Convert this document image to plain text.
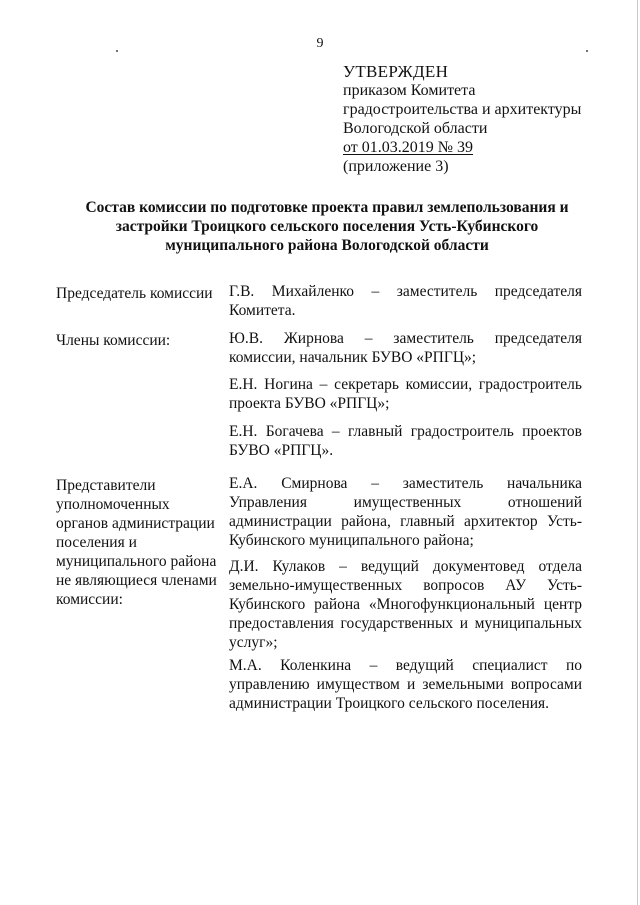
9
УТВЕРЖДЕН
приказом Комитета
градостроительства и архитектуры
Вологодской области
от 01.03.2019 № 39
(приложение 3)
Состав комиссии по подготовке проекта правил землепользования и
застройки Троицкого сельского поселения Усть-Кубинского
муниципального района Вологодской области
Председатель комиссии	Г.В. Михайленко – заместитель председателя
Комитета.
Члены комиссии:	Ю.В. Жирнова – заместитель председателя
комиссии, начальник БУВО «РПГЦ»;
Е.Н. Ногина – секретарь комиссии, градостроитель
проекта БУВО «РПГЦ»;
Е.Н. Богачева – главный градостроитель проектов
БУВО «РПГЦ».
Представители
уполномоченных
органов администрации
поселения и
муниципального района
не являющиеся членами
комиссии:
Е.А. Смирнова – заместитель начальника
Управления имущественных отношений
администрации района, главный архитектор Усть-
Кубинского муниципального района;
Д.И. Кулаков – ведущий документовед отдела
земельно-имущественных вопросов АУ Усть-
Кубинского района «Многофункциональный центр
предоставления государственных и муниципальных
услуг»;
М.А. Коленкина – ведущий специалист по
управлению имуществом и земельными вопросами
администрации Троицкого сельского поселения.
